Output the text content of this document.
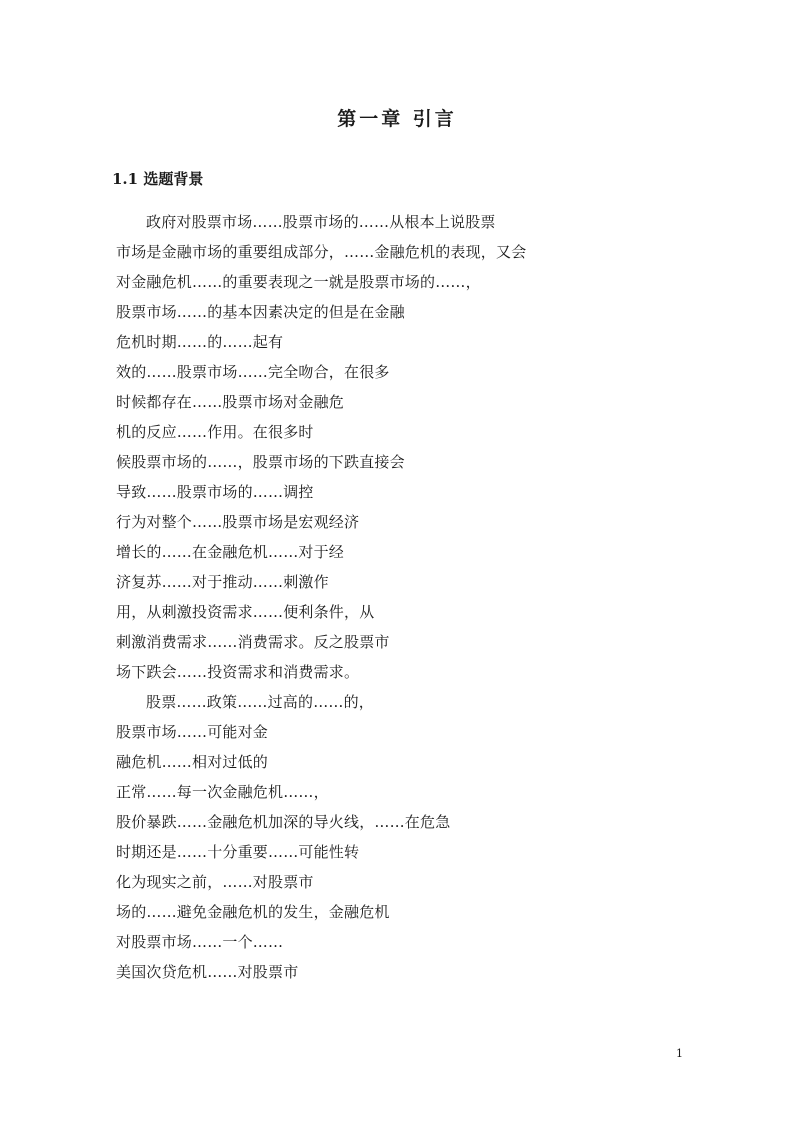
第一章 引言
1.1 选题背景
政府对股票市场……股票市场的……从根本上说股票
市场是金融市场的重要组成部分，……金融危机的表现，又会
对金融危机……的重要表现之一就是股票市场的……，
股票市场……的基本因素决定的但是在金融
危机时期……的……起有
效的……股票市场……完全吻合，在很多
时候都存在……股票市场对金融危
机的反应……作用。在很多时
候股票市场的……，股票市场的下跌直接会
导致……股票市场的……调控
行为对整个……股票市场是宏观经济
增长的……在金融危机……对于经
济复苏……对于推动……刺激作
用，从刺激投资需求……便利条件，从
刺激消费需求……消费需求。反之股票市
场下跌会……投资需求和消费需求。
股票……政策……过高的……的，
股票市场……可能对金
融危机……相对过低的
正常……每一次金融危机……，
股价暴跌……金融危机加深的导火线，……在危急
时期还是……十分重要……可能性转
化为现实之前，……对股票市
场的……避免金融危机的发生，金融危机
对股票市场……一个……
美国次贷危机……对股票市
1
